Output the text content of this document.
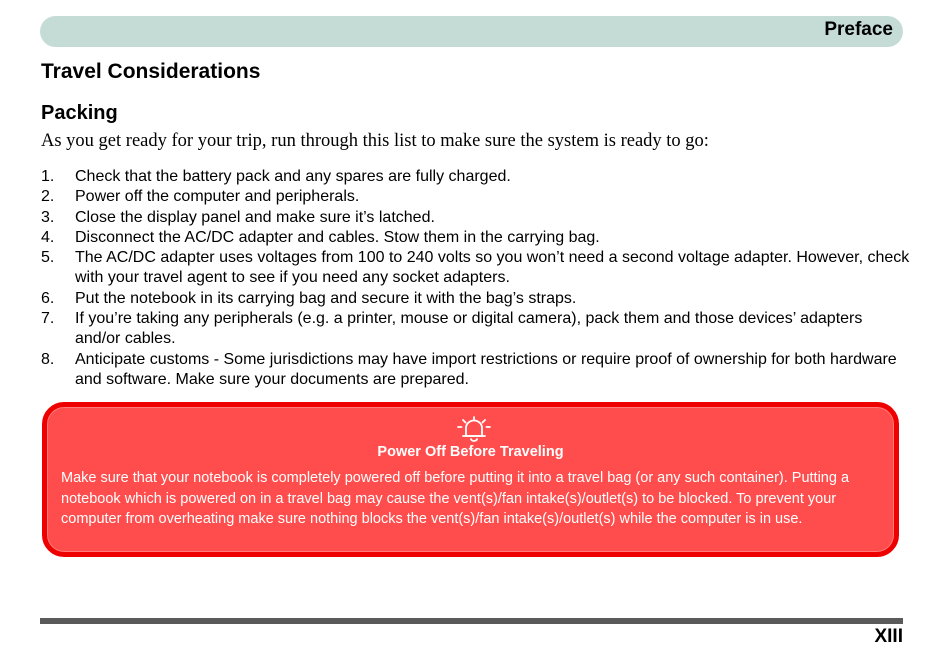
Preface
Travel Considerations
Packing

As you get ready for your trip, run through this list to make sure the system is ready to go:

1. Check that the battery pack and any spares are fully charged.
2. Power off the computer and peripherals.
3. Close the display panel and make sure it’s latched.
4. Disconnect the AC/DC adapter and cables. Stow them in the carrying bag.
5. The AC/DC adapter uses voltages from 100 to 240 volts so you won’t need a second voltage adapter. However, check with your travel agent to see if you need any socket adapters.
6. Put the notebook in its carrying bag and secure it with the bag’s straps.
7. If you’re taking any peripherals (e.g. a printer, mouse or digital camera), pack them and those devices’ adapters and/or cables.
8. Anticipate customs - Some jurisdictions may have import restrictions or require proof of ownership for both hardware and software. Make sure your documents are prepared.
Power Off Before Traveling

Make sure that your notebook is completely powered off before putting it into a travel bag (or any such container). Putting a notebook which is powered on in a travel bag may cause the vent(s)/fan intake(s)/outlet(s) to be blocked. To prevent your computer from overheating make sure nothing blocks the vent(s)/fan intake(s)/outlet(s) while the computer is in use.

XIII
